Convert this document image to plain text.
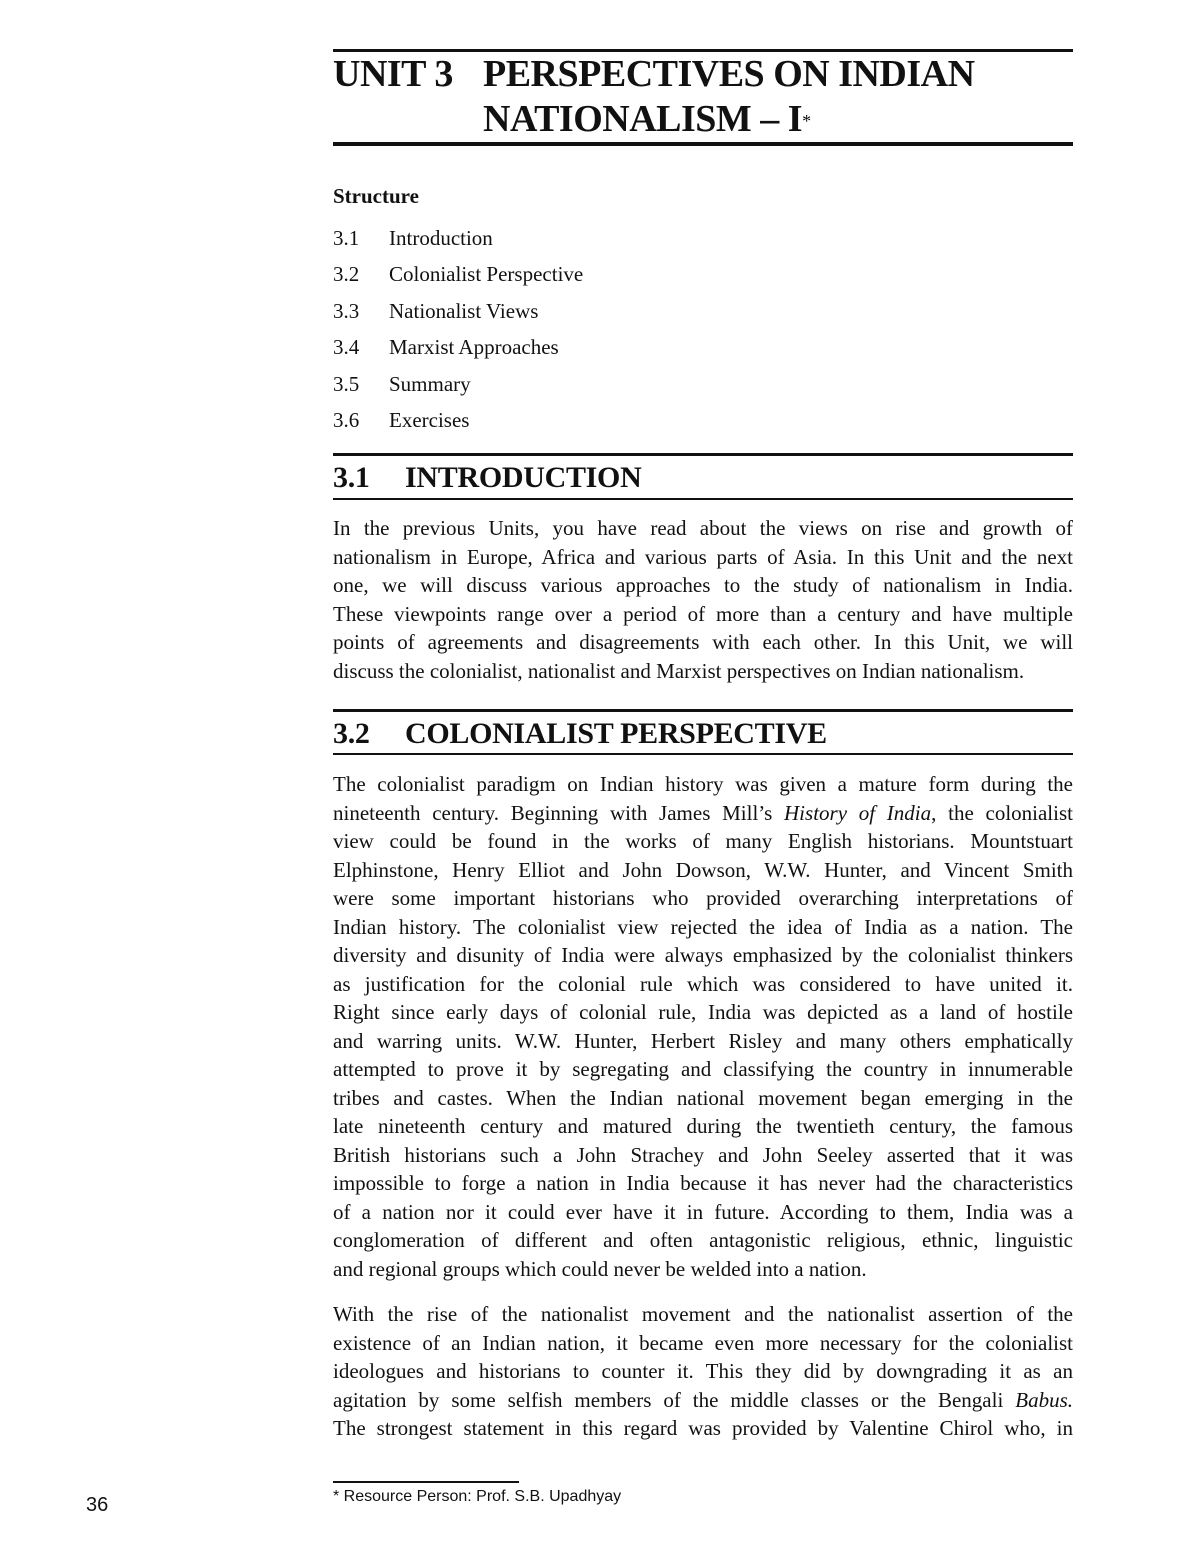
UNIT 3 PERSPECTIVES ON INDIAN
NATIONALISM – I*
Structure
3.1 Introduction
3.2 Colonialist Perspective
3.3 Nationalist Views
3.4 Marxist Approaches
3.5 Summary
3.6 Exercises
3.1 INTRODUCTION
In the previous Units, you have read about the views on rise and growth of
nationalism in Europe, Africa and various parts of Asia. In this Unit and the next
one, we will discuss various approaches to the study of nationalism in India.
These viewpoints range over a period of more than a century and have multiple
points of agreements and disagreements with each other. In this Unit, we will
discuss the colonialist, nationalist and Marxist perspectives on Indian nationalism.
3.2 COLONIALIST PERSPECTIVE
The colonialist paradigm on Indian history was given a mature form during the
nineteenth century. Beginning with James Mill’s History of India, the colonialist
view could be found in the works of many English historians. Mountstuart
Elphinstone, Henry Elliot and John Dowson, W.W. Hunter, and Vincent Smith
were some important historians who provided overarching interpretations of
Indian history. The colonialist view rejected the idea of India as a nation. The
diversity and disunity of India were always emphasized by the colonialist thinkers
as justification for the colonial rule which was considered to have united it.
Right since early days of colonial rule, India was depicted as a land of hostile
and warring units. W.W. Hunter, Herbert Risley and many others emphatically
attempted to prove it by segregating and classifying the country in innumerable
tribes and castes. When the Indian national movement began emerging in the
late nineteenth century and matured during the twentieth century, the famous
British historians such a John Strachey and John Seeley asserted that it was
impossible to forge a nation in India because it has never had the characteristics
of a nation nor it could ever have it in future. According to them, India was a
conglomeration of different and often antagonistic religious, ethnic, linguistic
and regional groups which could never be welded into a nation.
With the rise of the nationalist movement and the nationalist assertion of the
existence of an Indian nation, it became even more necessary for the colonialist
ideologues and historians to counter it. This they did by downgrading it as an
agitation by some selfish members of the middle classes or the Bengali Babus.
The strongest statement in this regard was provided by Valentine Chirol who, in
* Resource Person: Prof. S.B. Upadhyay
36
